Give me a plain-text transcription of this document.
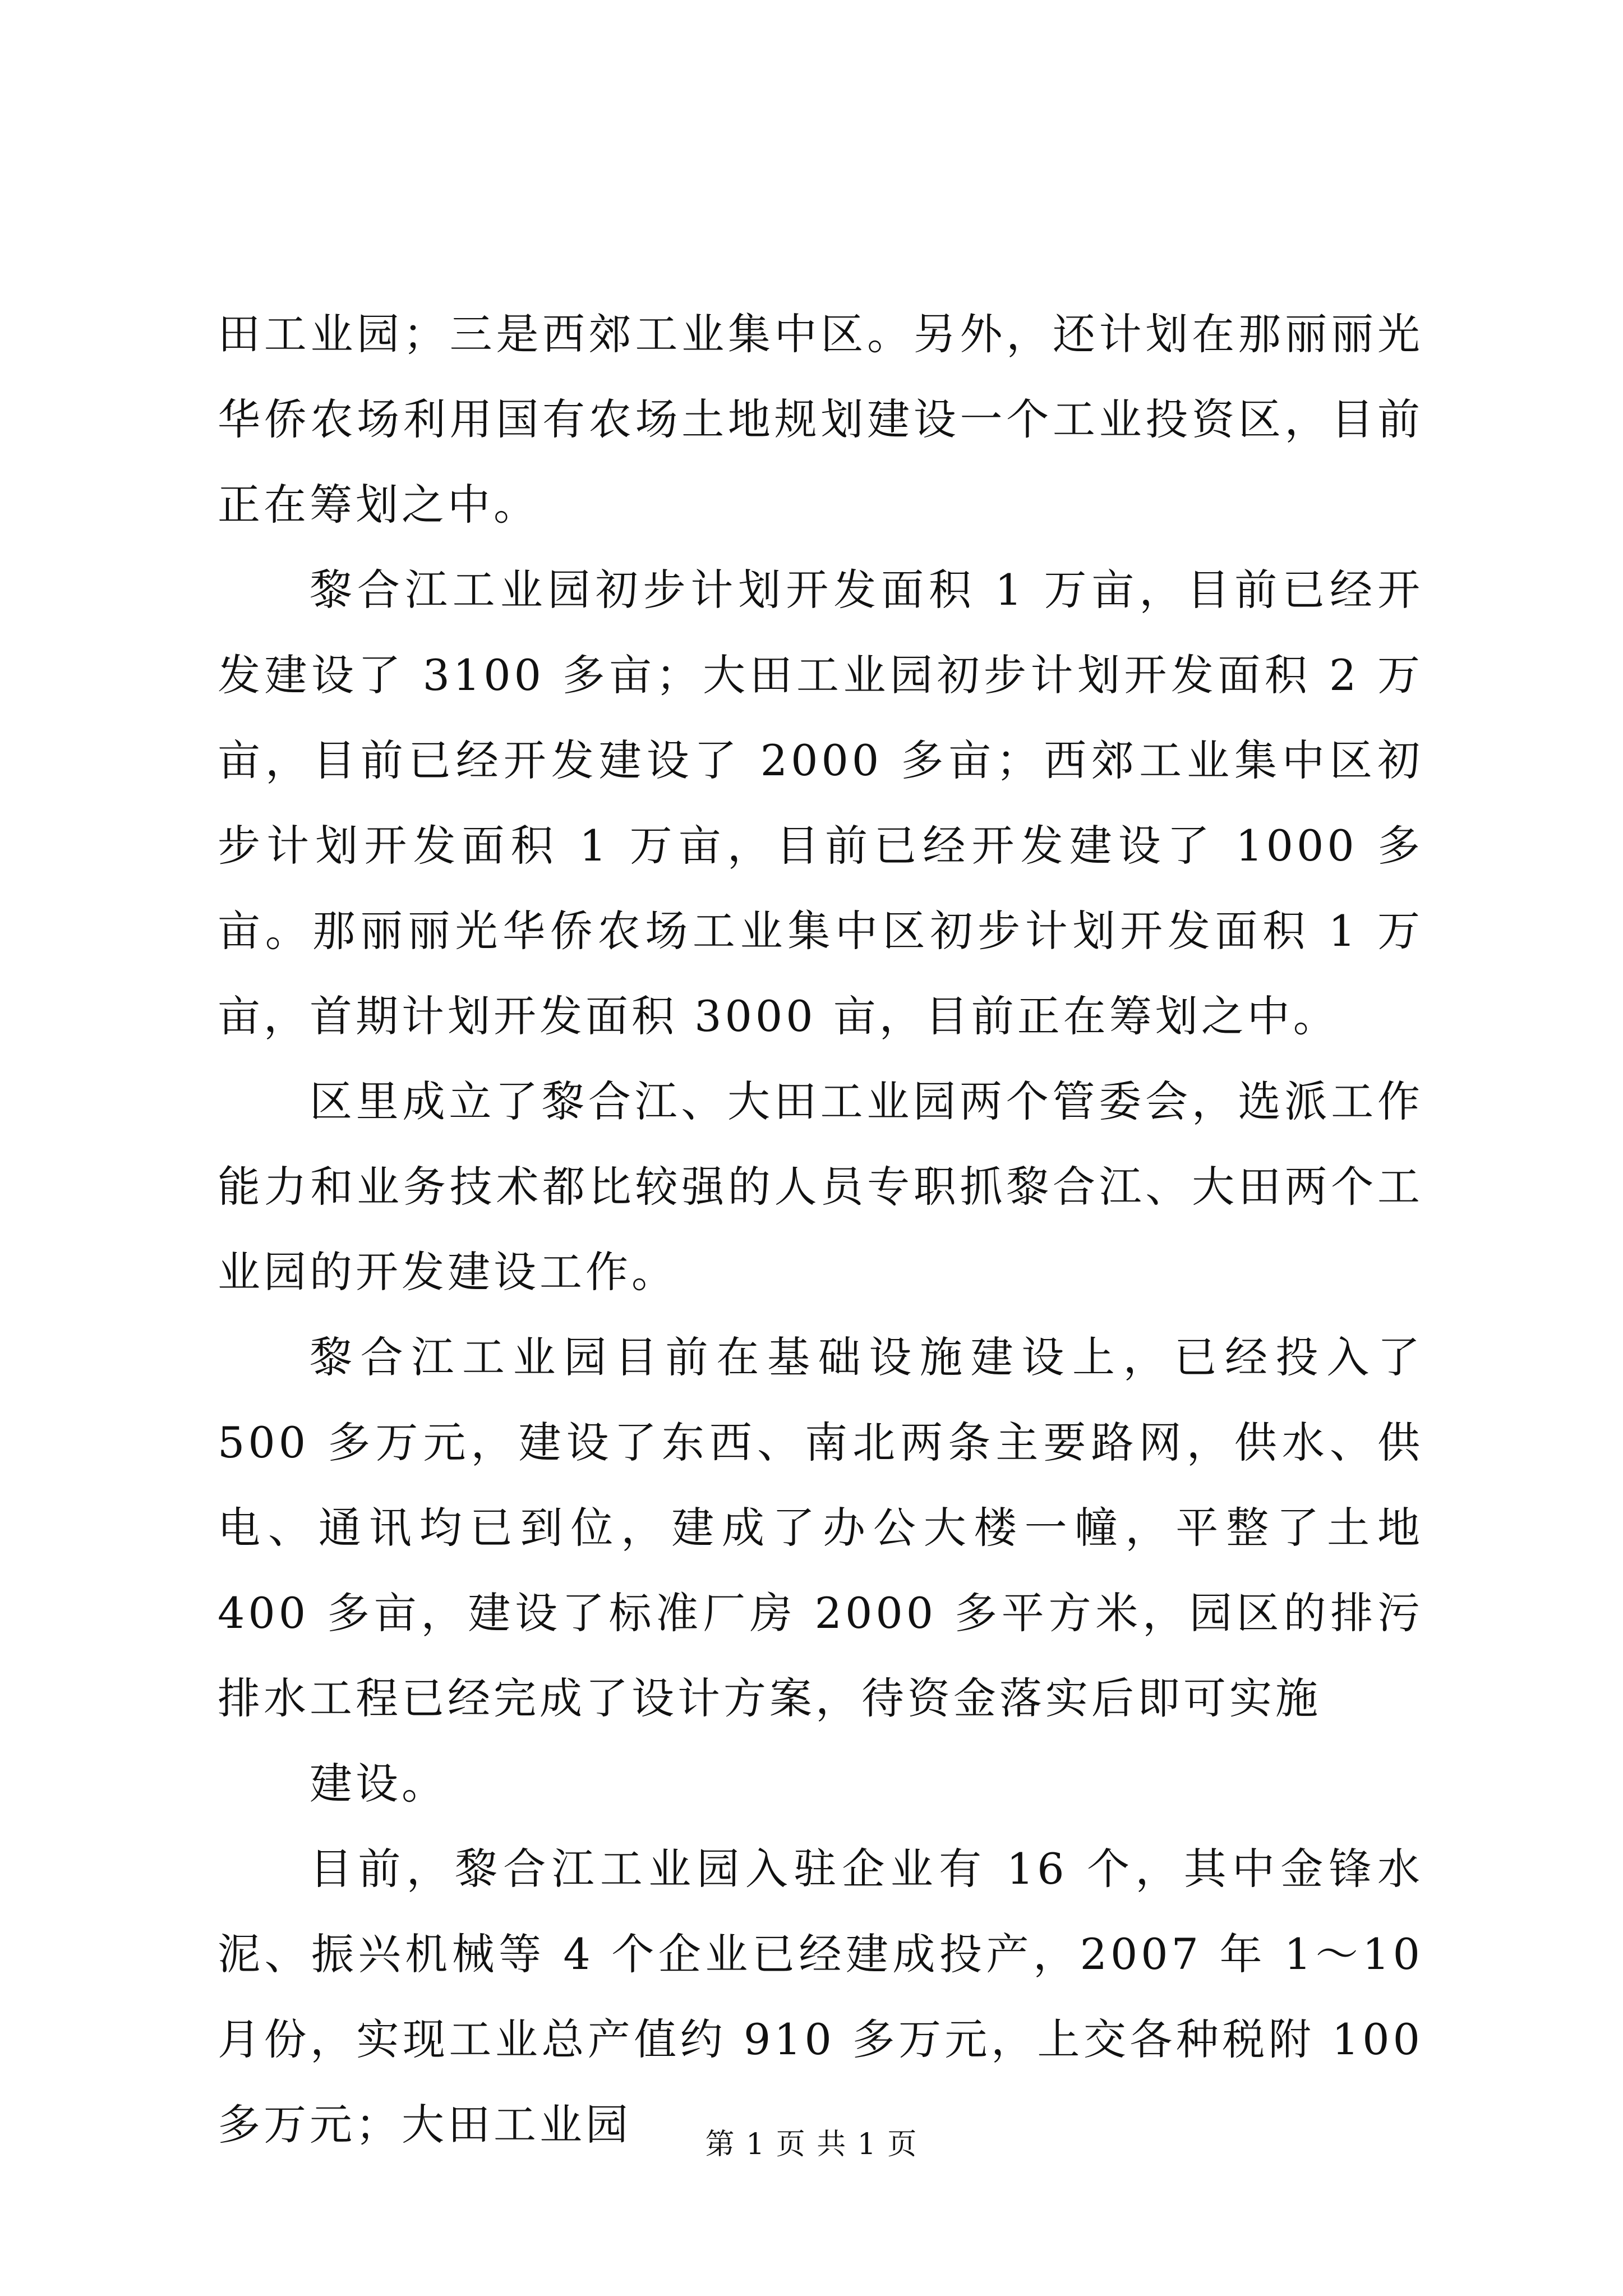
田工业园；三是西郊工业集中区。另外，还计划在那丽丽光华侨农场利用国有农场土地规划建设一个工业投资区，目前正在筹划之中。

黎合江工业园初步计划开发面积 1 万亩，目前已经开发建设了 3100 多亩；大田工业园初步计划开发面积 2 万亩，目前已经开发建设了 2000 多亩；西郊工业集中区初步计划开发面积 1 万亩，目前已经开发建设了 1000 多亩。那丽丽光华侨农场工业集中区初步计划开发面积 1 万亩，首期计划开发面积 3000 亩，目前正在筹划之中。

区里成立了黎合江、大田工业园两个管委会，选派工作能力和业务技术都比较强的人员专职抓黎合江、大田两个工业园的开发建设工作。

黎合江工业园目前在基础设施建设上，已经投入了 500 多万元，建设了东西、南北两条主要路网，供水、供电、通讯均已到位，建成了办公大楼一幢，平整了土地 400 多亩，建设了标准厂房 2000 多平方米，园区的排污排水工程已经完成了设计方案，待资金落实后即可实施

建设。

目前，黎合江工业园入驻企业有 16 个，其中金锋水泥、振兴机械等 4 个企业已经建成投产，2007 年 1～10 月份，实现工业总产值约 910 多万元，上交各种税附 100 多万元；大田工业园	第 1 页 共 1 页
